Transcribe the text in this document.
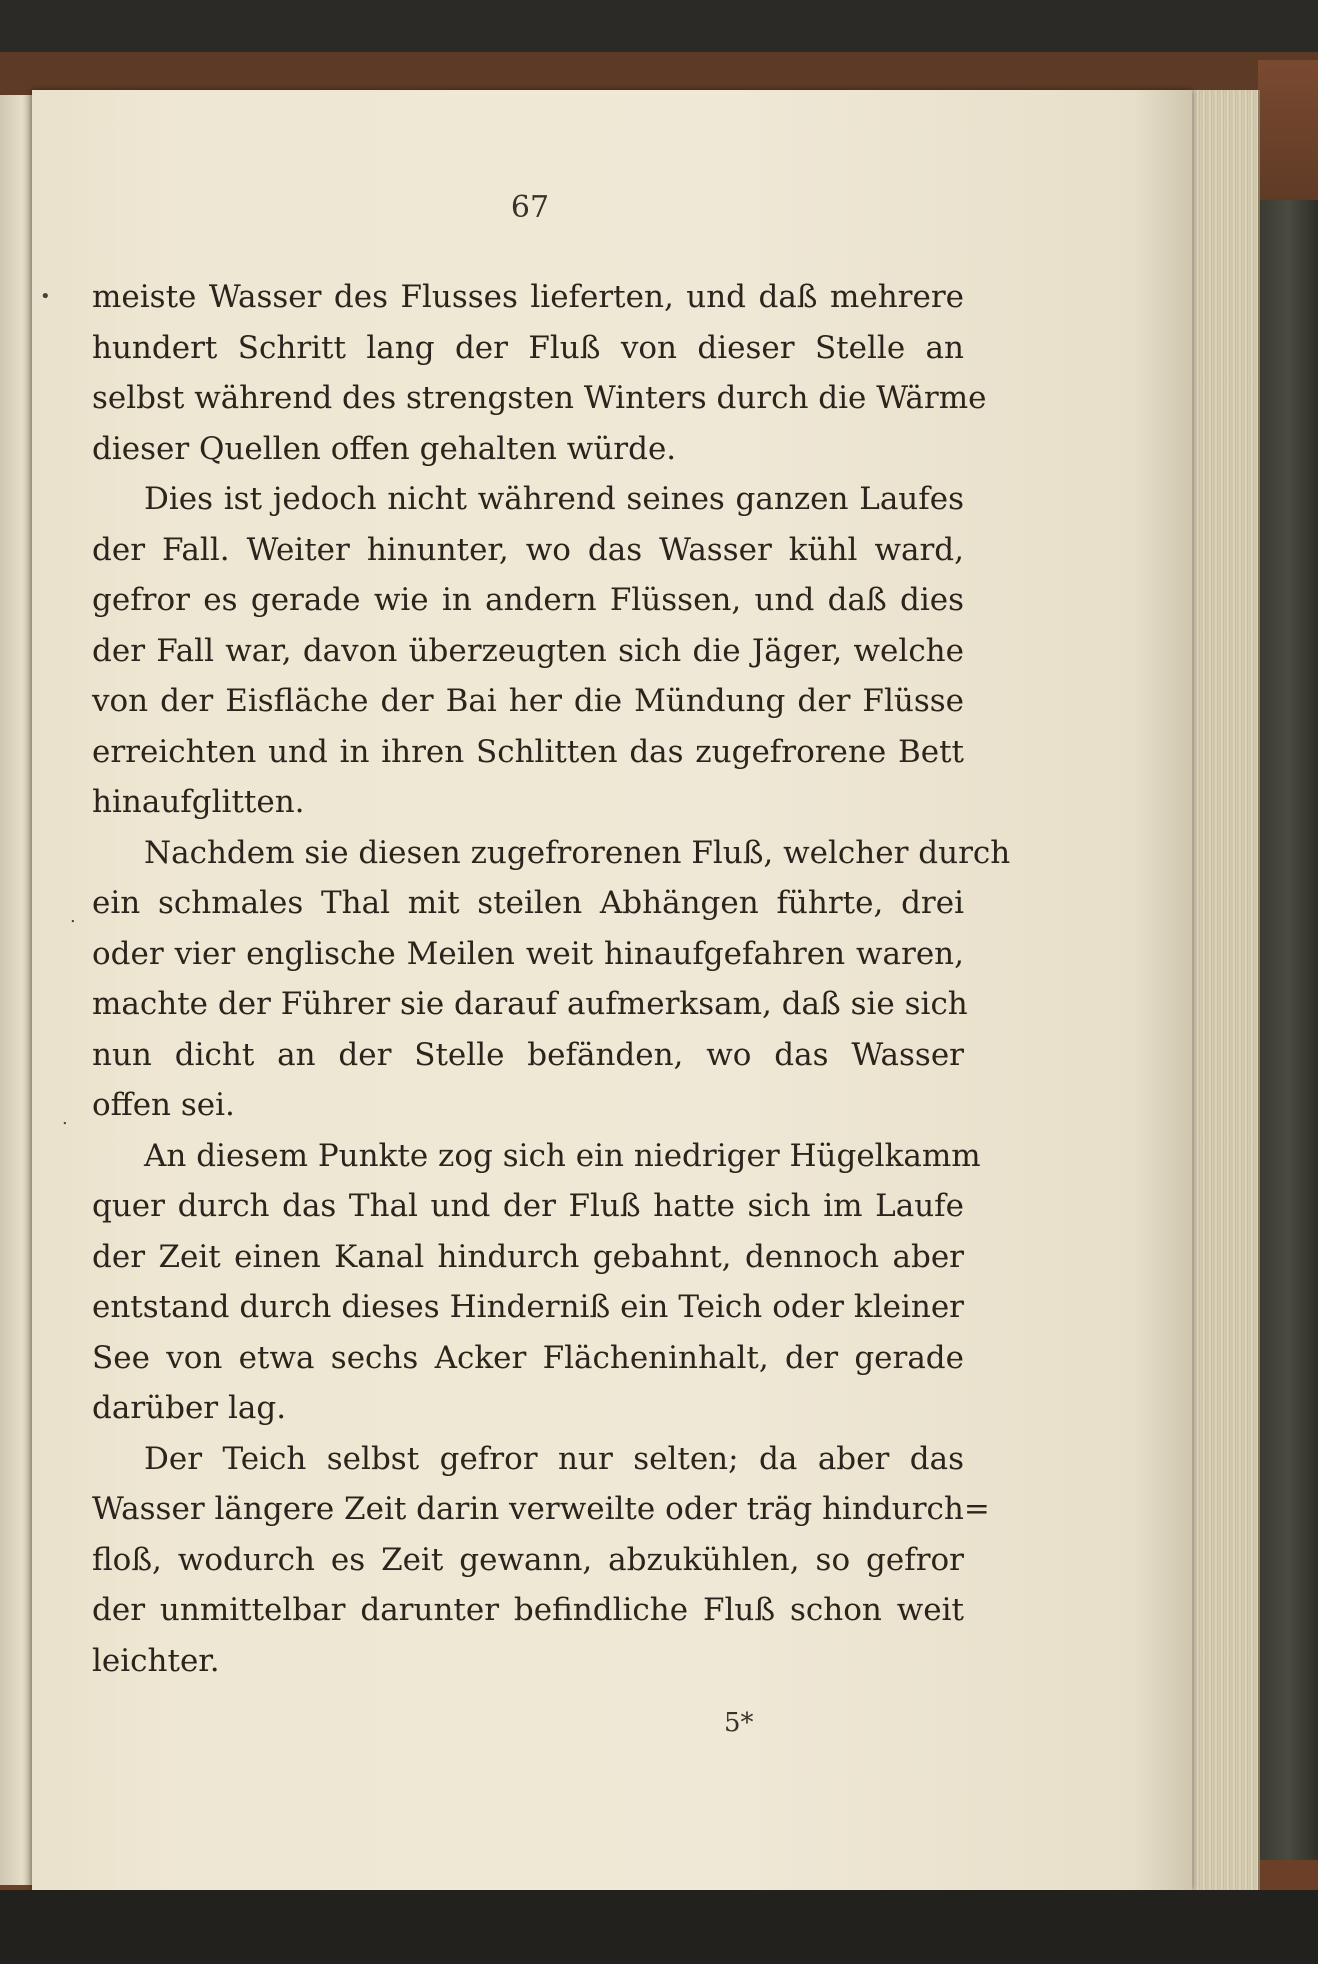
•
.
.
67
meiste Wasser des Flusses lieferten, und daß mehrere
hundert Schritt lang der Fluß von dieser Stelle an
selbst während des strengsten Winters durch die Wärme
dieser Quellen offen gehalten würde.
Dies ist jedoch nicht während seines ganzen Laufes
der Fall. Weiter hinunter, wo das Wasser kühl ward,
gefror es gerade wie in andern Flüssen, und daß dies
der Fall war, davon überzeugten sich die Jäger, welche
von der Eisfläche der Bai her die Mündung der Flüsse
erreichten und in ihren Schlitten das zugefrorene Bett
hinaufglitten.
Nachdem sie diesen zugefrorenen Fluß, welcher durch
ein schmales Thal mit steilen Abhängen führte, drei
oder vier englische Meilen weit hinaufgefahren waren,
machte der Führer sie darauf aufmerksam, daß sie sich
nun dicht an der Stelle befänden, wo das Wasser
offen sei.
An diesem Punkte zog sich ein niedriger Hügelkamm
quer durch das Thal und der Fluß hatte sich im Laufe
der Zeit einen Kanal hindurch gebahnt, dennoch aber
entstand durch dieses Hinderniß ein Teich oder kleiner
See von etwa sechs Acker Flächeninhalt, der gerade
darüber lag.
Der Teich selbst gefror nur selten; da aber das
Wasser längere Zeit darin verweilte oder träg hindurch=
floß, wodurch es Zeit gewann, abzukühlen, so gefror
der unmittelbar darunter befindliche Fluß schon weit
leichter.
5*
